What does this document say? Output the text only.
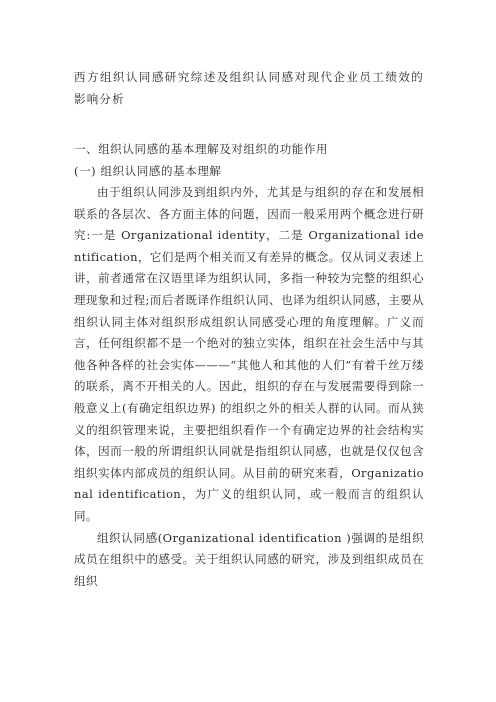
西方组织认同感研究综述及组织认同感对现代企业员工绩效的影响分析

一、组织认同感的基本理解及对组织的功能作用

(一) 组织认同感的基本理解

由于组织认同涉及到组织内外，尤其是与组织的存在和发展相联系的各层次、各方面主体的问题，因而一般采用两个概念进行研究:一是 Organizational identity，二是 Organizational identification，它们是两个相关而又有差异的概念。仅从词义表述上讲，前者通常在汉语里译为组织认同，多指一种较为完整的组织心理现象和过程;而后者既译作组织认同、也译为组织认同感，主要从组织认同主体对组织形成组织认同感受心理的角度理解。广义而言，任何组织都不是一个绝对的独立实体，组织在社会生活中与其他各种各样的社会实体———“其他人和其他的人们”有着千丝万缕的联系，离不开相关的人。因此，组织的存在与发展需要得到除一般意义上(有确定组织边界) 的组织之外的相关人群的认同。而从狭义的组织管理来说，主要把组织看作一个有确定边界的社会结构实体，因而一般的所谓组织认同就是指组织认同感，也就是仅仅包含组织实体内部成员的组织认同。从目前的研究来看，Organizational identification，为广义的组织认同，或一般而言的组织认同。

组织认同感(Organizational identification )强调的是组织成员在组织中的感受。关于组织认同感的研究，涉及到组织成员在组织
